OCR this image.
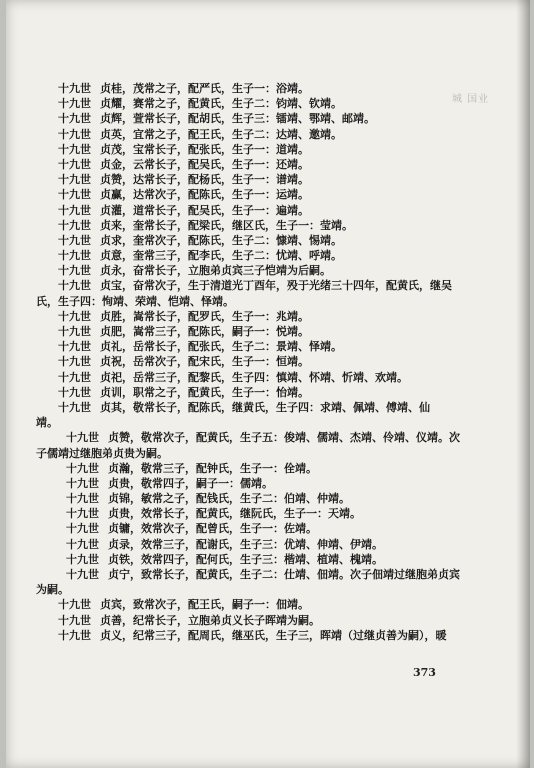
城 国业
十九世 贞桂，茂常之子，配严氏，生子一：浴靖。
十九世 贞耀，赛常之子，配黄氏，生子二：钧靖、钦靖。
十九世 贞辉，萱常长子，配胡氏，生子三：镭靖、鄂靖、邮靖。
十九世 贞英，宜常之子，配王氏，生子二：达靖、邀靖。
十九世 贞茂，宝常长子，配张氏，生子一：道靖。
十九世 贞金，云常长子，配吴氏，生子一：还靖。
十九世 贞赞，达常长子，配杨氏，生子一：谱靖。
十九世 贞赢，达常次子，配陈氏，生子一：运靖。
十九世 贞灌，道常长子，配吴氏，生子一：遍靖。
十九世 贞来，奎常长子，配梁氏，继区氏，生子一：莹靖。
十九世 贞求，奎常次子，配陈氏，生子二：慷靖、惕靖。
十九世 贞意，奎常三子，配李氏，生子二：忧靖、呼靖。
十九世 贞永，奋常长子，立胞弟贞宾三子恺靖为后嗣。
十九世 贞宝，奋常次子，生于清道光丁酉年，殁于光绪三十四年，配黄氏，继吴
氏，生子四：恂靖、荣靖、恺靖、怿靖。
十九世 贞胜，嵩常长子，配罗氏，生子一：兆靖。
十九世 贞肥，嵩常三子，配陈氏，嗣子一：悦靖。
十九世 贞礼，岳常长子，配张氏，生子二：景靖、怿靖。
十九世 贞祝，岳常次子，配宋氏，生子一：恒靖。
十九世 贞祀，岳常三子，配黎氏，生子四：慎靖、怀靖、忻靖、欢靖。
十九世 贞训，职常之子，配黄氏，生子一：怡靖。
十九世 贞其，敬常长子，配陈氏，继黄氏，生子四：求靖、佩靖、傅靖、仙
靖。
十九世 贞赞，敬常次子，配黄氏，生子五：俊靖、儒靖、杰靖、伶靖、仪靖。次
子儒靖过继胞弟贞贵为嗣。
十九世 贞瀚，敬常三子，配钟氏，生子一：佺靖。
十九世 贞贵，敬常四子，嗣子一：儒靖。
十九世 贞锦，敏常之子，配钱氏，生子二：伯靖、仲靖。
十九世 贞贵，效常长子，配黄氏，继阮氏，生子一：天靖。
十九世 贞镛，效常次子，配曾氏，生子一：佐靖。
十九世 贞录，效常三子，配谢氏，生子三：优靖、伸靖、伊靖。
十九世 贞铁，效常四子，配何氏，生子三：楷靖、植靖、槐靖。
十九世 贞宁，致常长子，配黄氏，生子二：仕靖、佃靖。次子佃靖过继胞弟贞宾
为嗣。
十九世 贞宾，致常次子，配王氏，嗣子一：佃靖。
十九世 贞善，纪常长子，立胞弟贞义长子晖靖为嗣。
十九世 贞义，纪常三子，配周氏，继巫氏，生子三，晖靖（过继贞善为嗣），暖
373
